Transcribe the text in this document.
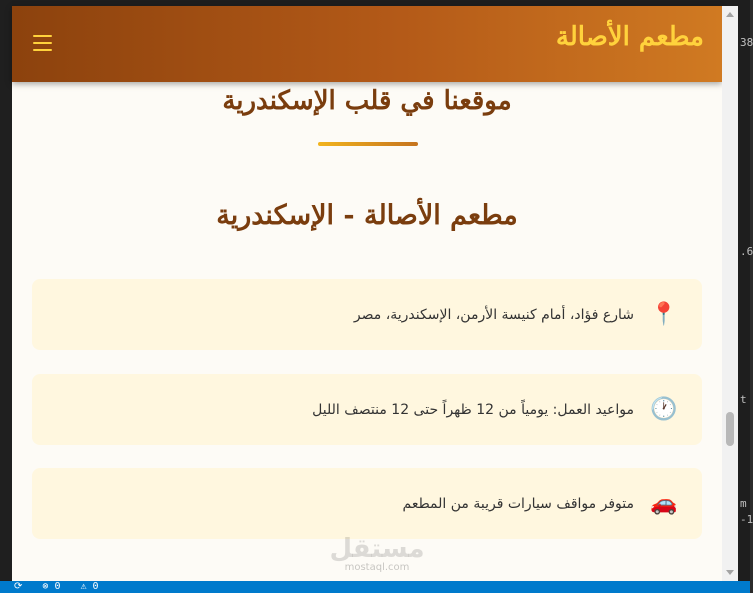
38
.6
t
m
-1
⟳ ⊗ 0 ⚠ 0
مطعم الأصالة
موقعنا في قلب الإسكندرية
مطعم الأصالة - الإسكندرية
📍
شارع فؤاد، أمام كنيسة الأرمن، الإسكندرية، مصر
🕐
مواعيد العمل: يومياً من 12 ظهراً حتى 12 منتصف الليل
🚗
متوفر مواقف سيارات قريبة من المطعم
مستقل
mostaql.com
